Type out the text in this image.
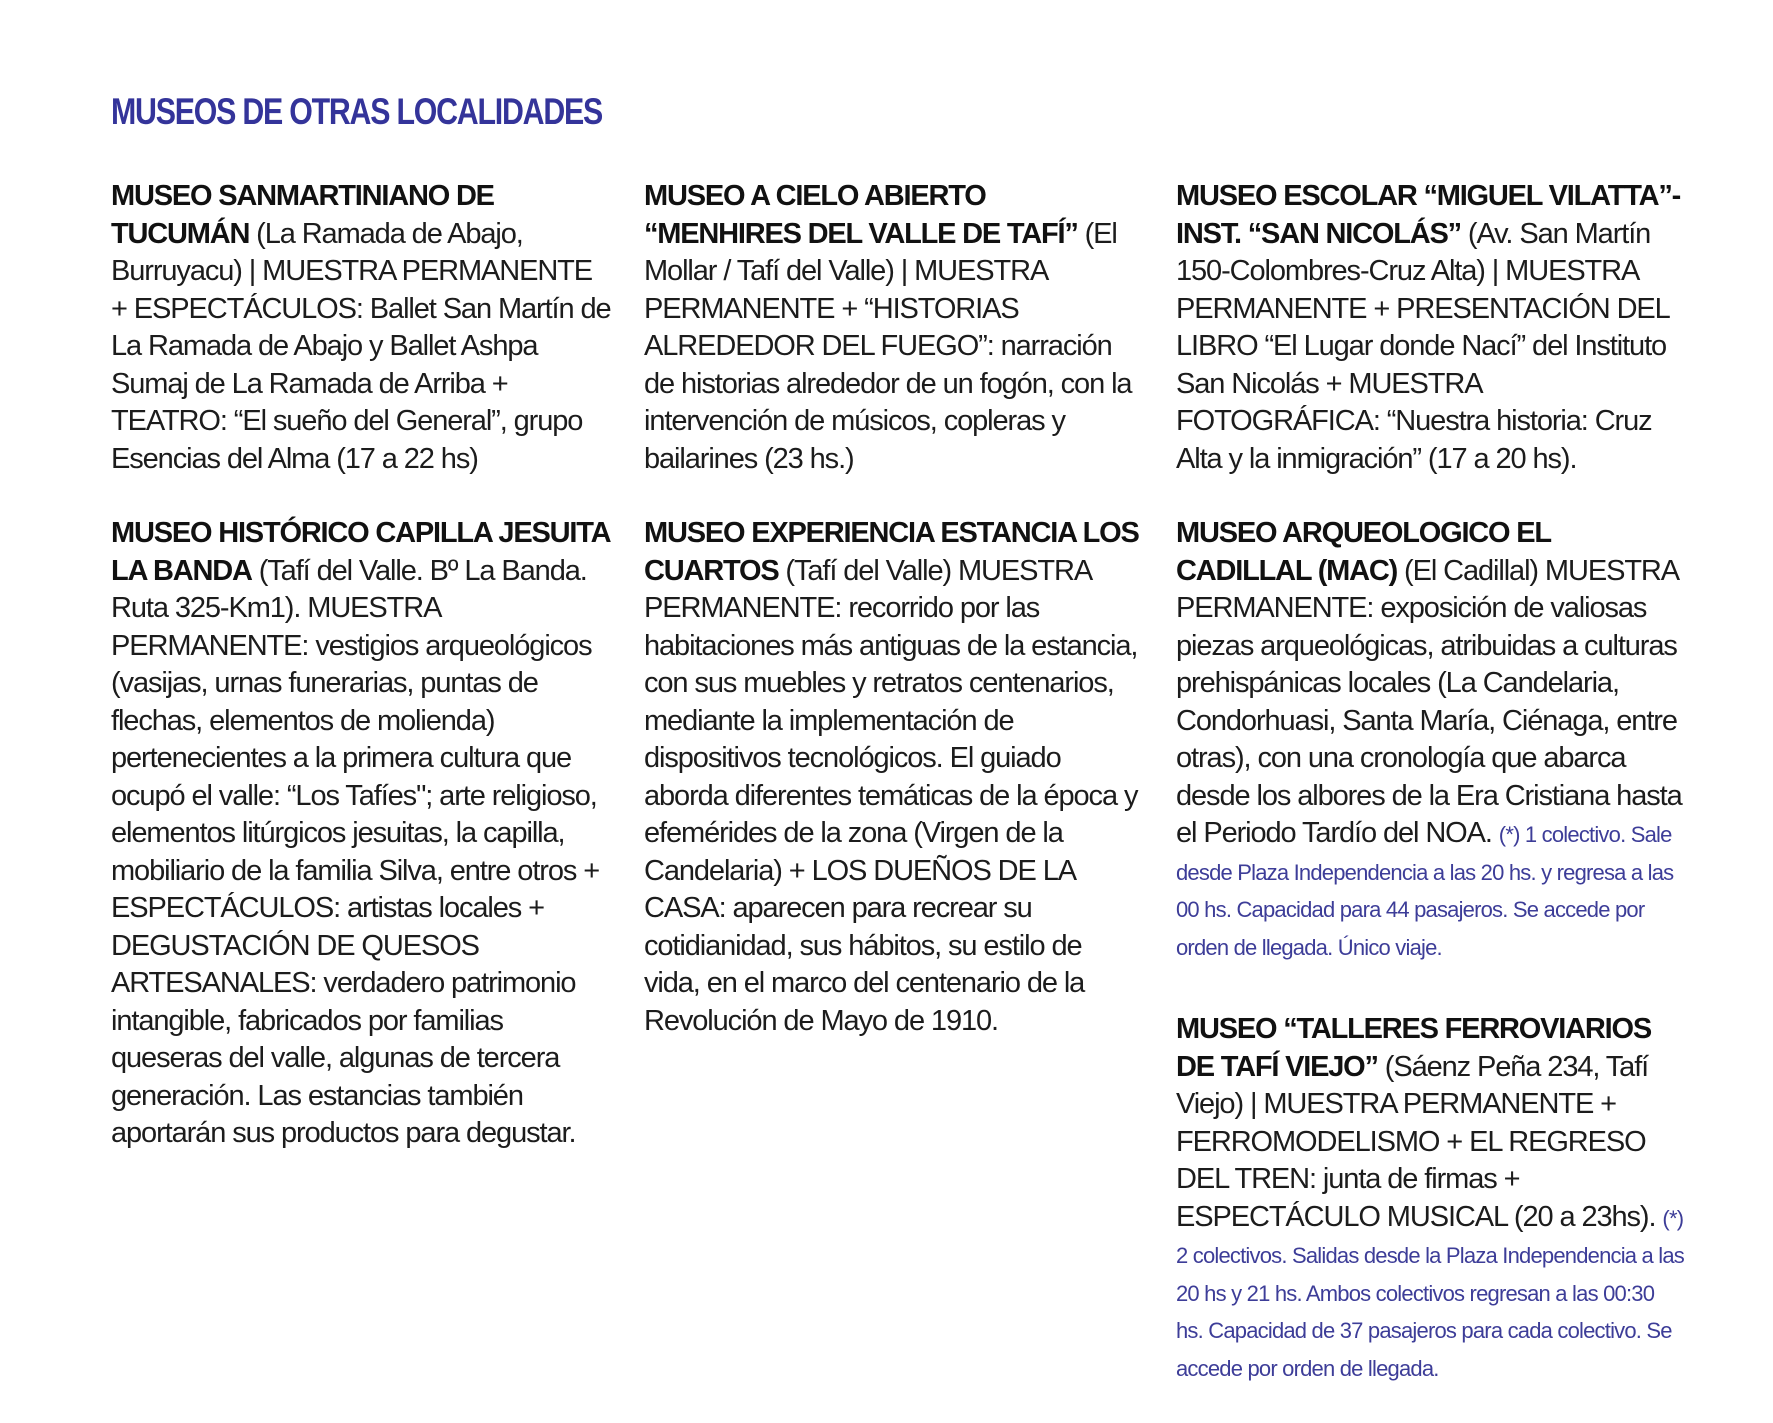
MUSEOS DE OTRAS LOCALIDADES

MUSEO SANMARTINIANO DE TUCUMÁN (La Ramada de Abajo, Burruyacu) | MUESTRA PERMANENTE + ESPECTÁCULOS: Ballet San Martín de La Ramada de Abajo y Ballet Ashpa Sumaj de La Ramada de Arriba + TEATRO: “El sueño del General”, grupo Esencias del Alma (17 a 22 hs)

MUSEO HISTÓRICO CAPILLA JESUITA LA BANDA (Tafí del Valle. Bº La Banda. Ruta 325-Km1). MUESTRA PERMANENTE: vestigios arqueológicos (vasijas, urnas funerarias, puntas de flechas, elementos de molienda) pertenecientes a la primera cultura que ocupó el valle: “Los Tafíes"; arte religioso, elementos litúrgicos jesuitas, la capilla, mobiliario de la familia Silva, entre otros + ESPECTÁCULOS: artistas locales + DEGUSTACIÓN DE QUESOS ARTESANALES: verdadero patrimonio intangible, fabricados por familias queseras del valle, algunas de tercera generación. Las estancias también aportarán sus productos para degustar.

MUSEO A CIELO ABIERTO “MENHIRES DEL VALLE DE TAFÍ” (El Mollar / Tafí del Valle) | MUESTRA PERMANENTE + “HISTORIAS ALREDEDOR DEL FUEGO”: narración de historias alrededor de un fogón, con la intervención de músicos, copleras y bailarines (23 hs.)

MUSEO EXPERIENCIA ESTANCIA LOS CUARTOS (Tafí del Valle) MUESTRA PERMANENTE: recorrido por las habitaciones más antiguas de la estancia, con sus muebles y retratos centenarios, mediante la implementación de dispositivos tecnológicos. El guiado aborda diferentes temáticas de la época y efemérides de la zona (Virgen de la Candelaria) + LOS DUEÑOS DE LA CASA: aparecen para recrear su cotidianidad, sus hábitos, su estilo de vida, en el marco del centenario de la Revolución de Mayo de 1910.

MUSEO ESCOLAR “MIGUEL VILATTA”-INST. “SAN NICOLÁS” (Av. San Martín 150-Colombres-Cruz Alta) | MUESTRA PERMANENTE + PRESENTACIÓN DEL LIBRO “El Lugar donde Nací” del Instituto San Nicolás + MUESTRA FOTOGRÁFICA: “Nuestra historia: Cruz Alta y la inmigración” (17 a 20 hs).

MUSEO ARQUEOLOGICO EL CADILLAL (MAC) (El Cadillal) MUESTRA PERMANENTE: exposición de valiosas piezas arqueológicas, atribuidas a culturas prehispánicas locales (La Candelaria, Condorhuasi, Santa María, Ciénaga, entre otras), con una cronología que abarca desde los albores de la Era Cristiana hasta el Periodo Tardío del NOA. (*) 1 colectivo. Sale desde Plaza Independencia a las 20 hs. y regresa a las 00 hs. Capacidad para 44 pasajeros. Se accede por orden de llegada. Único viaje.

MUSEO “TALLERES FERROVIARIOS DE TAFÍ VIEJO” (Sáenz Peña 234, Tafí Viejo) | MUESTRA PERMANENTE + FERROMODELISMO + EL REGRESO DEL TREN: junta de firmas + ESPECTÁCULO MUSICAL (20 a 23hs). (*) 2 colectivos. Salidas desde la Plaza Independencia a las 20 hs y 21 hs. Ambos colectivos regresan a las 00:30 hs. Capacidad de 37 pasajeros para cada colectivo. Se accede por orden de llegada.
